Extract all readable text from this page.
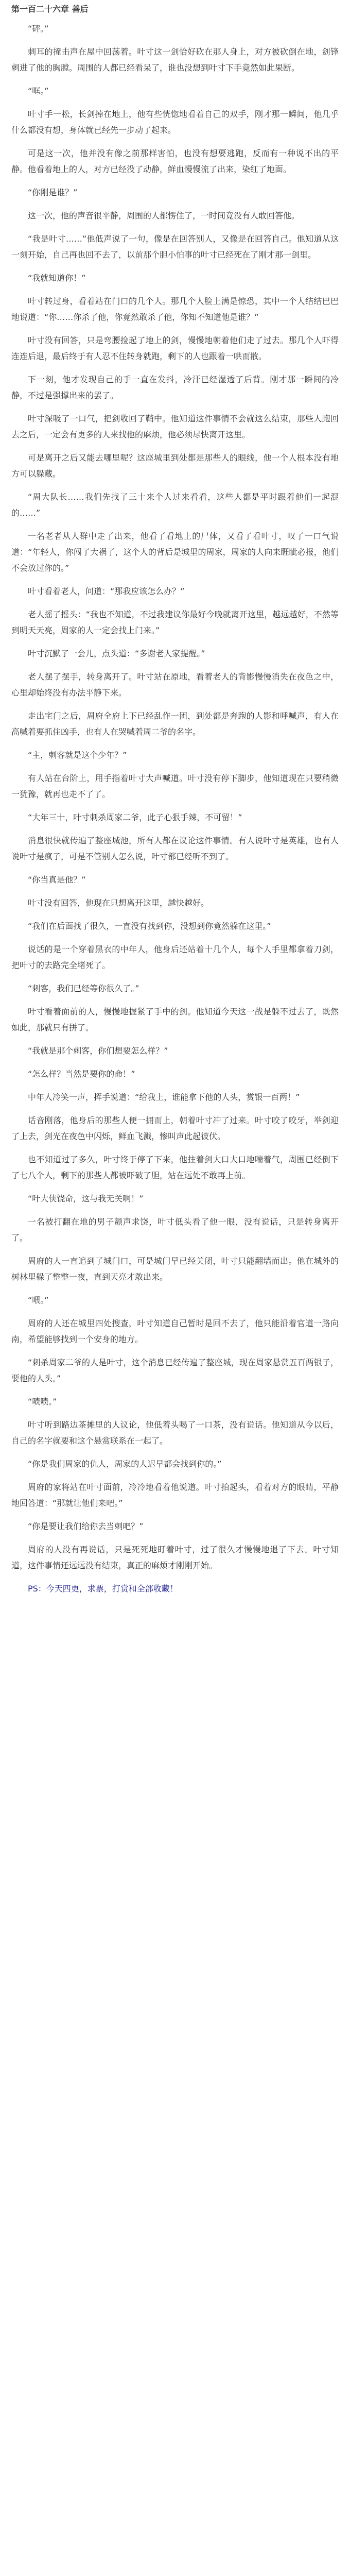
第一百二十六章 善后

“砰。”

刺耳的撞击声在屋中回荡着。叶寸这一剑恰好砍在那人身上，对方被砍倒在地，剑锋刺进了他的胸膛。周围的人都已经看呆了，谁也没想到叶寸下手竟然如此果断。

“哐。”

叶寸手一松，长剑掉在地上，他有些恍惚地看着自己的双手，刚才那一瞬间，他几乎什么都没有想，身体就已经先一步动了起来。

可是这一次，他并没有像之前那样害怕，也没有想要逃跑，反而有一种说不出的平静。他看着地上的人，对方已经没了动静，鲜血慢慢流了出来，染红了地面。

“你刚是谁？”

这一次，他的声音很平静，周围的人都愣住了，一时间竟没有人敢回答他。

“我是叶寸……”他低声说了一句，像是在回答别人，又像是在回答自己。他知道从这一刻开始，自己再也回不去了，以前那个胆小怕事的叶寸已经死在了刚才那一剑里。

“我就知道你！”

叶寸转过身，看着站在门口的几个人。那几个人脸上满是惊恐，其中一个人结结巴巴地说道：“你……你杀了他，你竟然敢杀了他，你知不知道他是谁？”

叶寸没有回答，只是弯腰捡起了地上的剑，慢慢地朝着他们走了过去。那几个人吓得连连后退，最后终于有人忍不住转身就跑，剩下的人也跟着一哄而散。

下一刻，他才发现自己的手一直在发抖，冷汗已经湿透了后背。刚才那一瞬间的冷静，不过是强撑出来的罢了。

叶寸深吸了一口气，把剑收回了鞘中。他知道这件事情不会就这么结束，那些人跑回去之后，一定会有更多的人来找他的麻烦，他必须尽快离开这里。

可是离开之后又能去哪里呢？这座城里到处都是那些人的眼线，他一个人根本没有地方可以躲藏。

“周大队长……我们先找了三十来个人过来看看，这些人都是平时跟着他们一起混的……”

一名老者从人群中走了出来，他看了看地上的尸体，又看了看叶寸，叹了一口气说道：“年轻人，你闯了大祸了，这个人的背后是城里的周家，周家的人向来睚眦必报，他们不会放过你的。”

叶寸看着老人，问道：“那我应该怎么办？”

老人摇了摇头：“我也不知道，不过我建议你最好今晚就离开这里，越远越好，不然等到明天天亮，周家的人一定会找上门来。”

叶寸沉默了一会儿，点头道：“多谢老人家提醒。”

老人摆了摆手，转身离开了。叶寸站在原地，看着老人的背影慢慢消失在夜色之中，心里却始终没有办法平静下来。

走出宅门之后，周府全府上下已经乱作一团，到处都是奔跑的人影和呼喊声，有人在高喊着要抓住凶手，也有人在哭喊着周二爷的名字。

“主，刺客就是这个少年？”

有人站在台阶上，用手指着叶寸大声喊道。叶寸没有停下脚步，他知道现在只要稍微一犹豫，就再也走不了了。

“大年三十，叶寸刺杀周家二爷，此子心狠手辣，不可留！”

消息很快就传遍了整座城池，所有人都在议论这件事情。有人说叶寸是英雄，也有人说叶寸是疯子，可是不管别人怎么说，叶寸都已经听不到了。

“你当真是他？”

叶寸没有回答，他现在只想离开这里，越快越好。

“我们在后面找了很久，一直没有找到你，没想到你竟然躲在这里。”

说话的是一个穿着黑衣的中年人，他身后还站着十几个人，每个人手里都拿着刀剑，把叶寸的去路完全堵死了。

“刺客，我们已经等你很久了。”

叶寸看着面前的人，慢慢地握紧了手中的剑。他知道今天这一战是躲不过去了，既然如此，那就只有拼了。

“我就是那个刺客，你们想要怎么样？”

“怎么样？当然是要你的命！”

中年人冷笑一声，挥手说道：“给我上，谁能拿下他的人头，赏银一百两！”

话音刚落，他身后的那些人便一拥而上，朝着叶寸冲了过来。叶寸咬了咬牙，举剑迎了上去，剑光在夜色中闪烁，鲜血飞溅，惨叫声此起彼伏。

也不知道过了多久，叶寸终于停了下来，他拄着剑大口大口地喘着气，周围已经倒下了七八个人，剩下的那些人都被吓破了胆，站在远处不敢再上前。

“叶大侠饶命，这与我无关啊！”

一名被打翻在地的男子颤声求饶，叶寸低头看了他一眼，没有说话，只是转身离开了。

周府的人一直追到了城门口，可是城门早已经关闭，叶寸只能翻墙而出。他在城外的树林里躲了整整一夜，直到天亮才敢出来。

“喂。”

周府的人还在城里四处搜查，叶寸知道自己暂时是回不去了，他只能沿着官道一路向南，希望能够找到一个安身的地方。

“刺杀周家二爷的人是叶寸，这个消息已经传遍了整座城，现在周家悬赏五百两银子，要他的人头。”

“啧啧。”

叶寸听到路边茶摊里的人议论，他低着头喝了一口茶，没有说话。他知道从今以后，自己的名字就要和这个悬赏联系在一起了。

“你是我们周家的仇人，周家的人迟早都会找到你的。”

周府的家将站在叶寸面前，冷冷地看着他说道。叶寸抬起头，看着对方的眼睛，平静地回答道：“那就让他们来吧。”

“你是要让我们给你去当刺吧？”

周府的人没有再说话，只是死死地盯着叶寸，过了很久才慢慢地退了下去。叶寸知道，这件事情还远远没有结束，真正的麻烦才刚刚开始。

PS：今天四更，求票，打赏和全部收藏！
